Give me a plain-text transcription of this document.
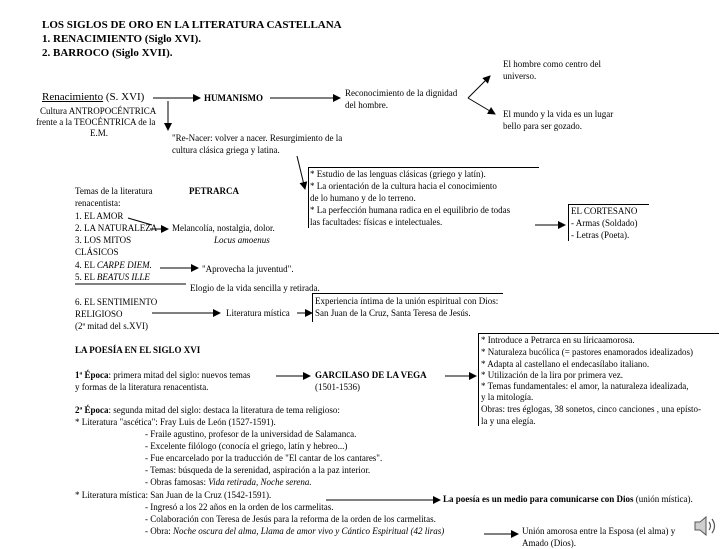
LOS SIGLOS DE ORO EN LA LITERATURA CASTELLANA
1. RENACIMIENTO (Siglo XVI).
2. BARROCO (Siglo XVII).
Renacimiento (S. XVI)
Cultura ANTROPOCÉNTRICA
frente a la TEOCÉNTRICA de la
E.M.
HUMANISMO	Reconocimiento de la dignidad
del hombre.
El hombre como centro del
universo.
El mundo y la vida es un lugar
bello para ser gozado.
"Re-Nacer: volver a nacer. Resurgimiento de la
cultura clásica griega y latina.
* Estudio de las lenguas clásicas (griego y latín).
* La orientación de la cultura hacia el conocimiento
de lo humano y de lo terreno.
* La perfección humana radica en el equilibrio de todas
las facultades: físicas e intelectuales.
EL CORTESANO
- Armas (Soldado)
- Letras (Poeta).
Temas de la literatura
renacentista:
1. EL AMOR
2. LA NATURALEZA
3. LOS MITOS
CLÁSICOS
4. EL CARPE DIEM.
5. EL BEATUS ILLE
6. EL SENTIMIENTO
RELIGIOSO
(2ª mitad del s.XVI)
PETRARCA
Melancolía, nostalgia, dolor.
Locus amoenus
"Aprovecha la juventud".
Elogio de la vida sencilla y retirada.
Literatura mística
Experiencia íntima de la unión espiritual con Dios:
San Juan de la Cruz, Santa Teresa de Jesús.
LA POESÍA EN EL SIGLO XVI
1ª Época: primera mitad del siglo: nuevos temas
y formas de la literatura renacentista.
GARCILASO DE LA VEGA
(1501-1536)
* Introduce a Petrarca en su líricaamorosa.
* Naturaleza bucólica (= pastores enamorados idealizados)
* Adapta al castellano el endecasílabo italiano.
* Utilización de la lira por primera vez.
* Temas fundamentales: el amor, la naturaleza idealizada,
y la mitología.
Obras: tres églogas, 38 sonetos, cinco canciones , una epísto-
la y una elegía.
2ª Época: segunda mitad del siglo: destaca la literatura de tema religioso:
* Literatura "ascética": Fray Luis de León (1527-1591).
- Fraile agustino, profesor de la universidad de Salamanca.
- Excelente filólogo (conocía el griego, latín y hebreo...)
- Fue encarcelado por la traducción de "El cantar de los cantares".
- Temas: búsqueda de la serenidad, aspiración a la paz interior.
- Obras famosas: Vida retirada, Noche serena.
* Literatura mística: San Juan de la Cruz (1542-1591).
- Ingresó a los 22 años en la orden de los carmelitas.
- Colaboración con Teresa de Jesús para la reforma de la orden de los carmelitas.
- Obra: Noche oscura del alma, Llama de amor vivo y Cántico Espiritual (42 liras)
La poesía es un medio para comunicarse con Dios (unión mística).
Unión amorosa entre la Esposa (el alma) y
Amado (Dios).
